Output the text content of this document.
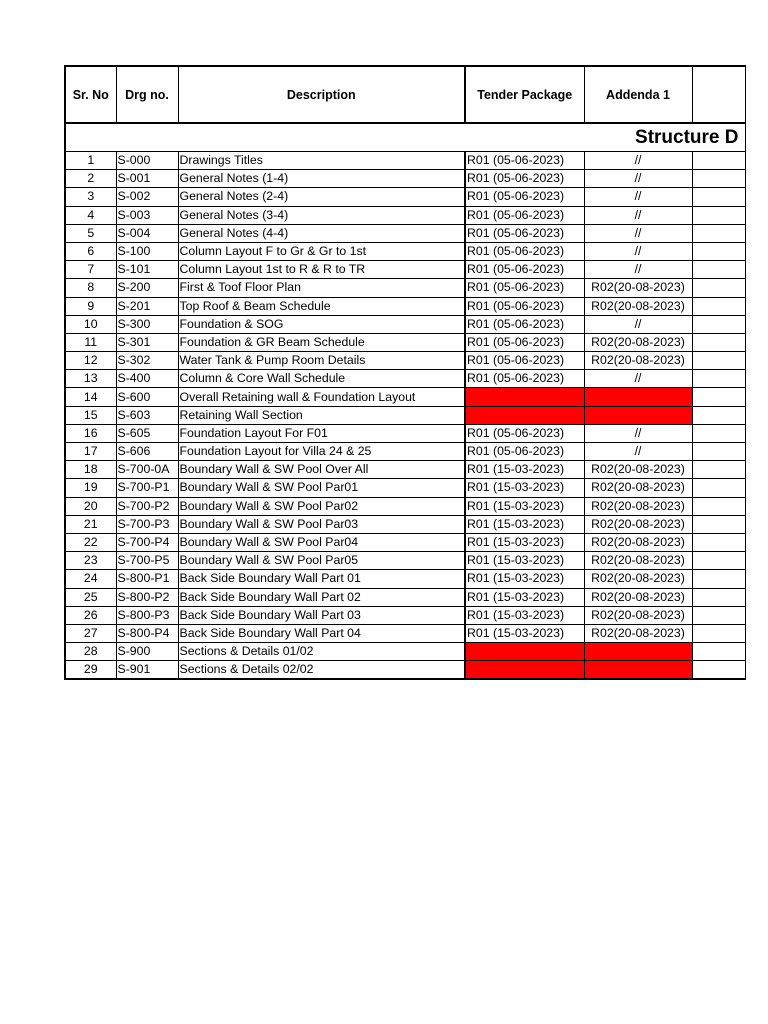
Sr. No	Drg no.	Description	Tender Package	Addenda 1	
Structure D					
1	S-000	Drawings Titles	R01 (05-06-2023)	//	
2	S-001	General Notes (1-4)	R01 (05-06-2023)	//	
3	S-002	General Notes (2-4)	R01 (05-06-2023)	//	
4	S-003	General Notes (3-4)	R01 (05-06-2023)	//	
5	S-004	General Notes (4-4)	R01 (05-06-2023)	//	
6	S-100	Column Layout F to Gr & Gr to 1st	R01 (05-06-2023)	//	
7	S-101	Column Layout 1st to R & R to TR	R01 (05-06-2023)	//	
8	S-200	First & Toof Floor Plan	R01 (05-06-2023)	R02(20-08-2023)	
9	S-201	Top Roof & Beam Schedule	R01 (05-06-2023)	R02(20-08-2023)	
10	S-300	Foundation & SOG	R01 (05-06-2023)	//	
11	S-301	Foundation & GR Beam Schedule	R01 (05-06-2023)	R02(20-08-2023)	
12	S-302	Water Tank & Pump Room Details	R01 (05-06-2023)	R02(20-08-2023)	
13	S-400	Column & Core Wall Schedule	R01 (05-06-2023)	//	
14	S-600	Overall Retaining wall & Foundation Layout			
15	S-603	Retaining Wall Section			
16	S-605	Foundation Layout For F01	R01 (05-06-2023)	//	
17	S-606	Foundation Layout for Villa 24 & 25	R01 (05-06-2023)	//	
18	S-700-0A	Boundary Wall & SW Pool Over All	R01 (15-03-2023)	R02(20-08-2023)	
19	S-700-P1	Boundary Wall & SW Pool Par01	R01 (15-03-2023)	R02(20-08-2023)	
20	S-700-P2	Boundary Wall & SW Pool Par02	R01 (15-03-2023)	R02(20-08-2023)	
21	S-700-P3	Boundary Wall & SW Pool Par03	R01 (15-03-2023)	R02(20-08-2023)	
22	S-700-P4	Boundary Wall & SW Pool Par04	R01 (15-03-2023)	R02(20-08-2023)	
23	S-700-P5	Boundary Wall & SW Pool Par05	R01 (15-03-2023)	R02(20-08-2023)	
24	S-800-P1	Back Side Boundary Wall Part 01	R01 (15-03-2023)	R02(20-08-2023)	
25	S-800-P2	Back Side Boundary Wall Part 02	R01 (15-03-2023)	R02(20-08-2023)	
26	S-800-P3	Back Side Boundary Wall Part 03	R01 (15-03-2023)	R02(20-08-2023)	
27	S-800-P4	Back Side Boundary Wall Part 04	R01 (15-03-2023)	R02(20-08-2023)	
28	S-900	Sections & Details 01/02			
29	S-901	Sections & Details 02/02			
